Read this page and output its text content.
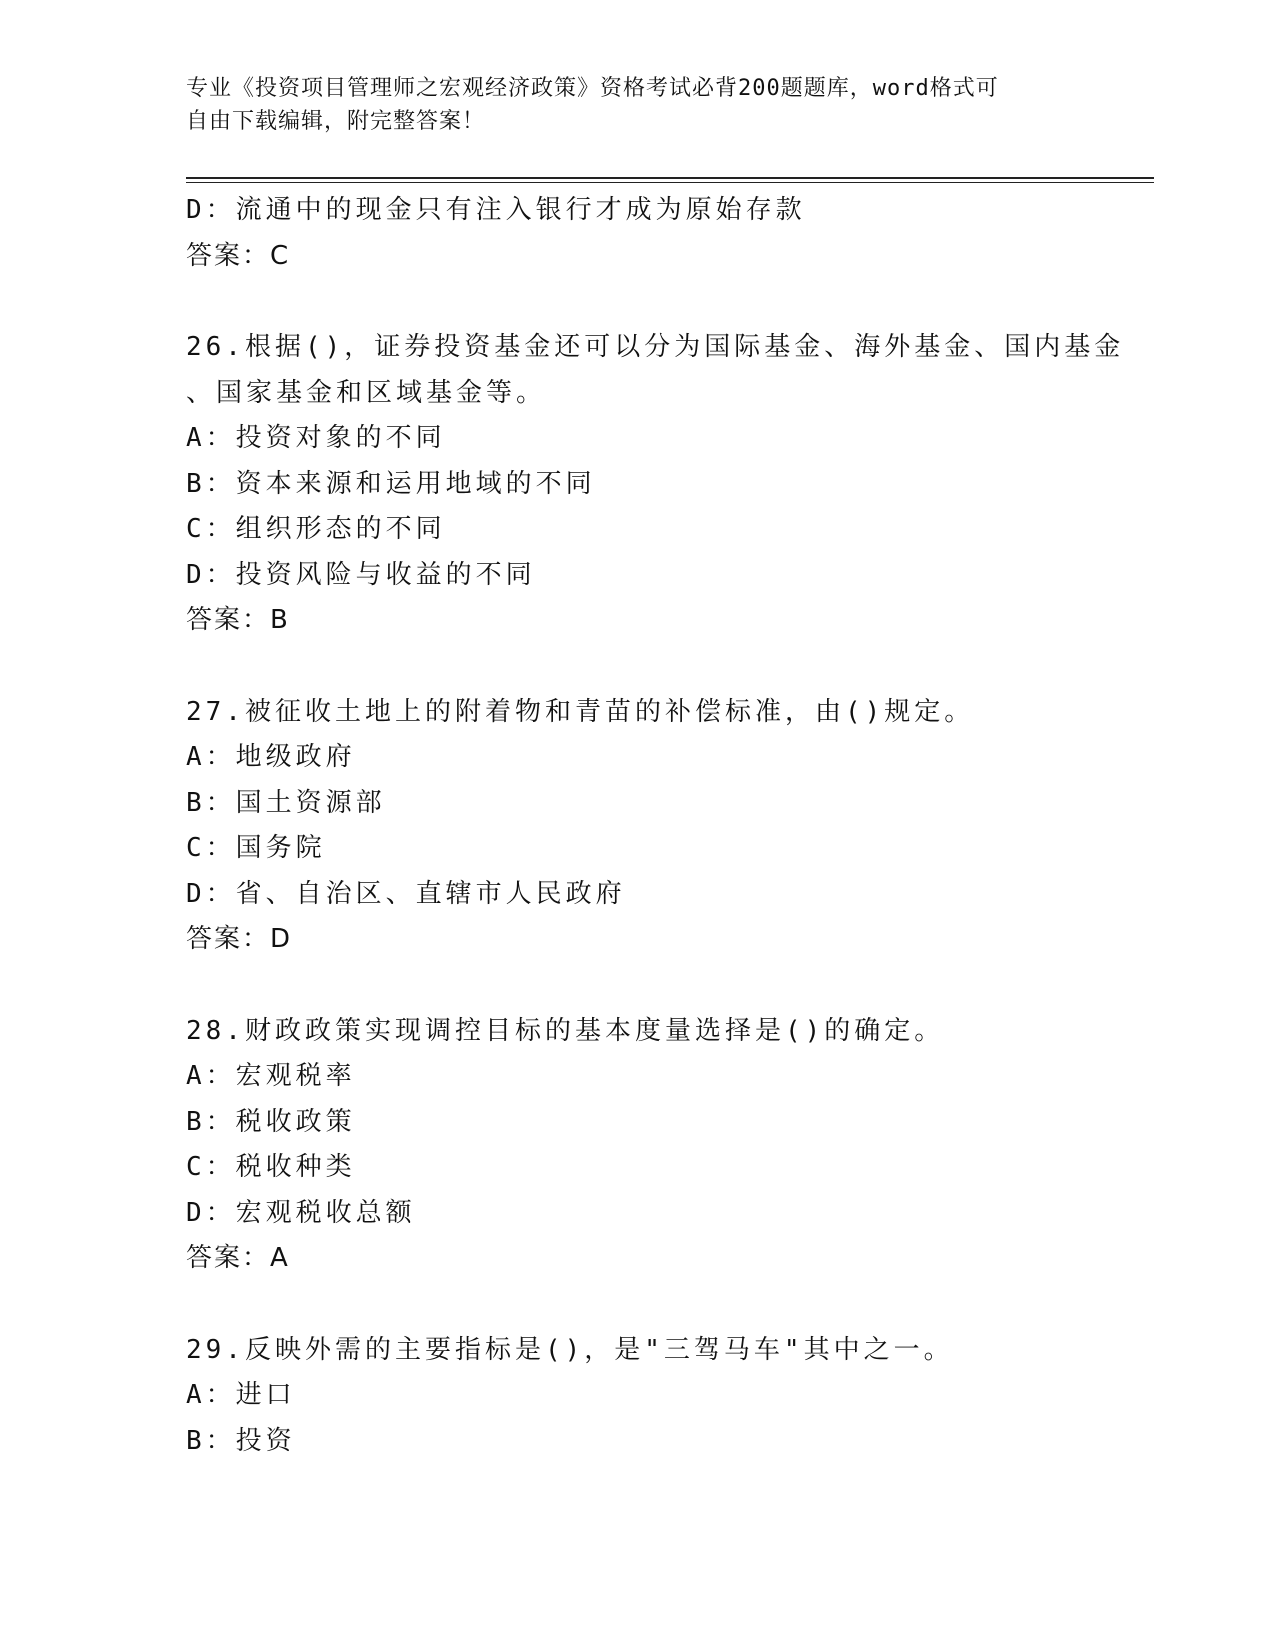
专业《投资项目管理师之宏观经济政策》资格考试必背200题题库，word格式可
自由下载编辑，附完整答案！
D：流通中的现金只有注入银行才成为原始存款
答案：C
26.根据()，证券投资基金还可以分为国际基金、海外基金、国内基金
、国家基金和区域基金等。
A：投资对象的不同
B：资本来源和运用地域的不同
C：组织形态的不同
D：投资风险与收益的不同
答案：B
27.被征收土地上的附着物和青苗的补偿标准，由()规定。
A：地级政府
B：国土资源部
C：国务院
D：省、自治区、直辖市人民政府
答案：D
28.财政政策实现调控目标的基本度量选择是()的确定。
A：宏观税率
B：税收政策
C：税收种类
D：宏观税收总额
答案：A
29.反映外需的主要指标是()，是"三驾马车"其中之一。
A：进口
B：投资
